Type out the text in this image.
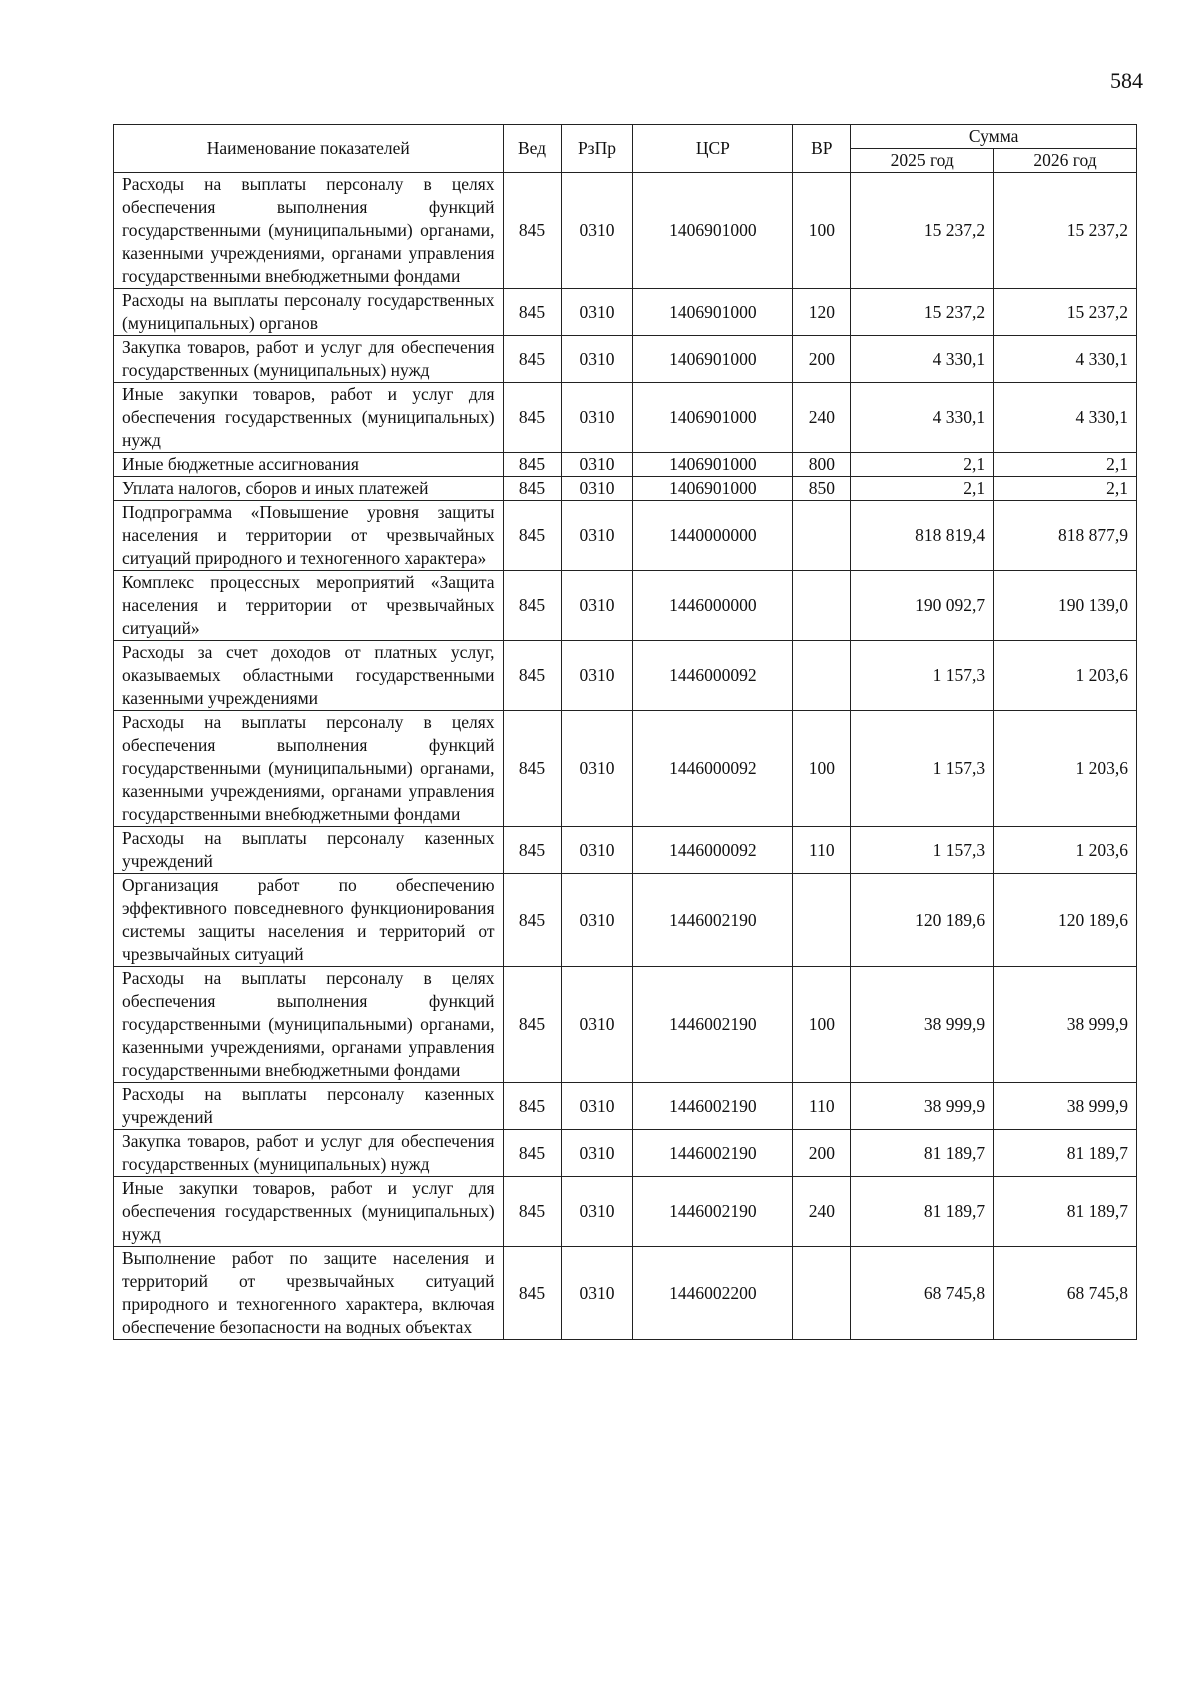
584
Наименование показателей	Вед	РзПр	ЦСР	ВР	Сумма	
					2025 год	2026 год
Расходы на выплаты персоналу в целях обеспечения выполнения функций государственными (муниципальными) органами, казенными учреждениями, органами управления государственными внебюджетными фондами	845	0310	1406901000	100	15 237,2	15 237,2
Расходы на выплаты персоналу государственных (муниципальных) органов	845	0310	1406901000	120	15 237,2	15 237,2
Закупка товаров, работ и услуг для обеспечения государственных (муниципальных) нужд	845	0310	1406901000	200	4 330,1	4 330,1
Иные закупки товаров, работ и услуг для обеспечения государственных (муниципальных) нужд	845	0310	1406901000	240	4 330,1	4 330,1
Иные бюджетные ассигнования	845	0310	1406901000	800	2,1	2,1
Уплата налогов, сборов и иных платежей	845	0310	1406901000	850	2,1	2,1
Подпрограмма «Повышение уровня защиты населения и территории от чрезвычайных ситуаций природного и техногенного характера»	845	0310	1440000000		818 819,4	818 877,9
Комплекс процессных мероприятий «Защита населения и территории от чрезвычайных ситуаций»	845	0310	1446000000		190 092,7	190 139,0
Расходы за счет доходов от платных услуг, оказываемых областными государственными казенными учреждениями	845	0310	1446000092		1 157,3	1 203,6
Расходы на выплаты персоналу в целях обеспечения выполнения функций государственными (муниципальными) органами, казенными учреждениями, органами управления государственными внебюджетными фондами	845	0310	1446000092	100	1 157,3	1 203,6
Расходы на выплаты персоналу казенных учреждений	845	0310	1446000092	110	1 157,3	1 203,6
Организация работ по обеспечению эффективного повседневного функционирования системы защиты населения и территорий от чрезвычайных ситуаций	845	0310	1446002190		120 189,6	120 189,6
Расходы на выплаты персоналу в целях обеспечения выполнения функций государственными (муниципальными) органами, казенными учреждениями, органами управления государственными внебюджетными фондами	845	0310	1446002190	100	38 999,9	38 999,9
Расходы на выплаты персоналу казенных учреждений	845	0310	1446002190	110	38 999,9	38 999,9
Закупка товаров, работ и услуг для обеспечения государственных (муниципальных) нужд	845	0310	1446002190	200	81 189,7	81 189,7
Иные закупки товаров, работ и услуг для обеспечения государственных (муниципальных) нужд	845	0310	1446002190	240	81 189,7	81 189,7
Выполнение работ по защите населения и территорий от чрезвычайных ситуаций природного и техногенного характера, включая обеспечение безопасности на водных объектах	845	0310	1446002200		68 745,8	68 745,8
